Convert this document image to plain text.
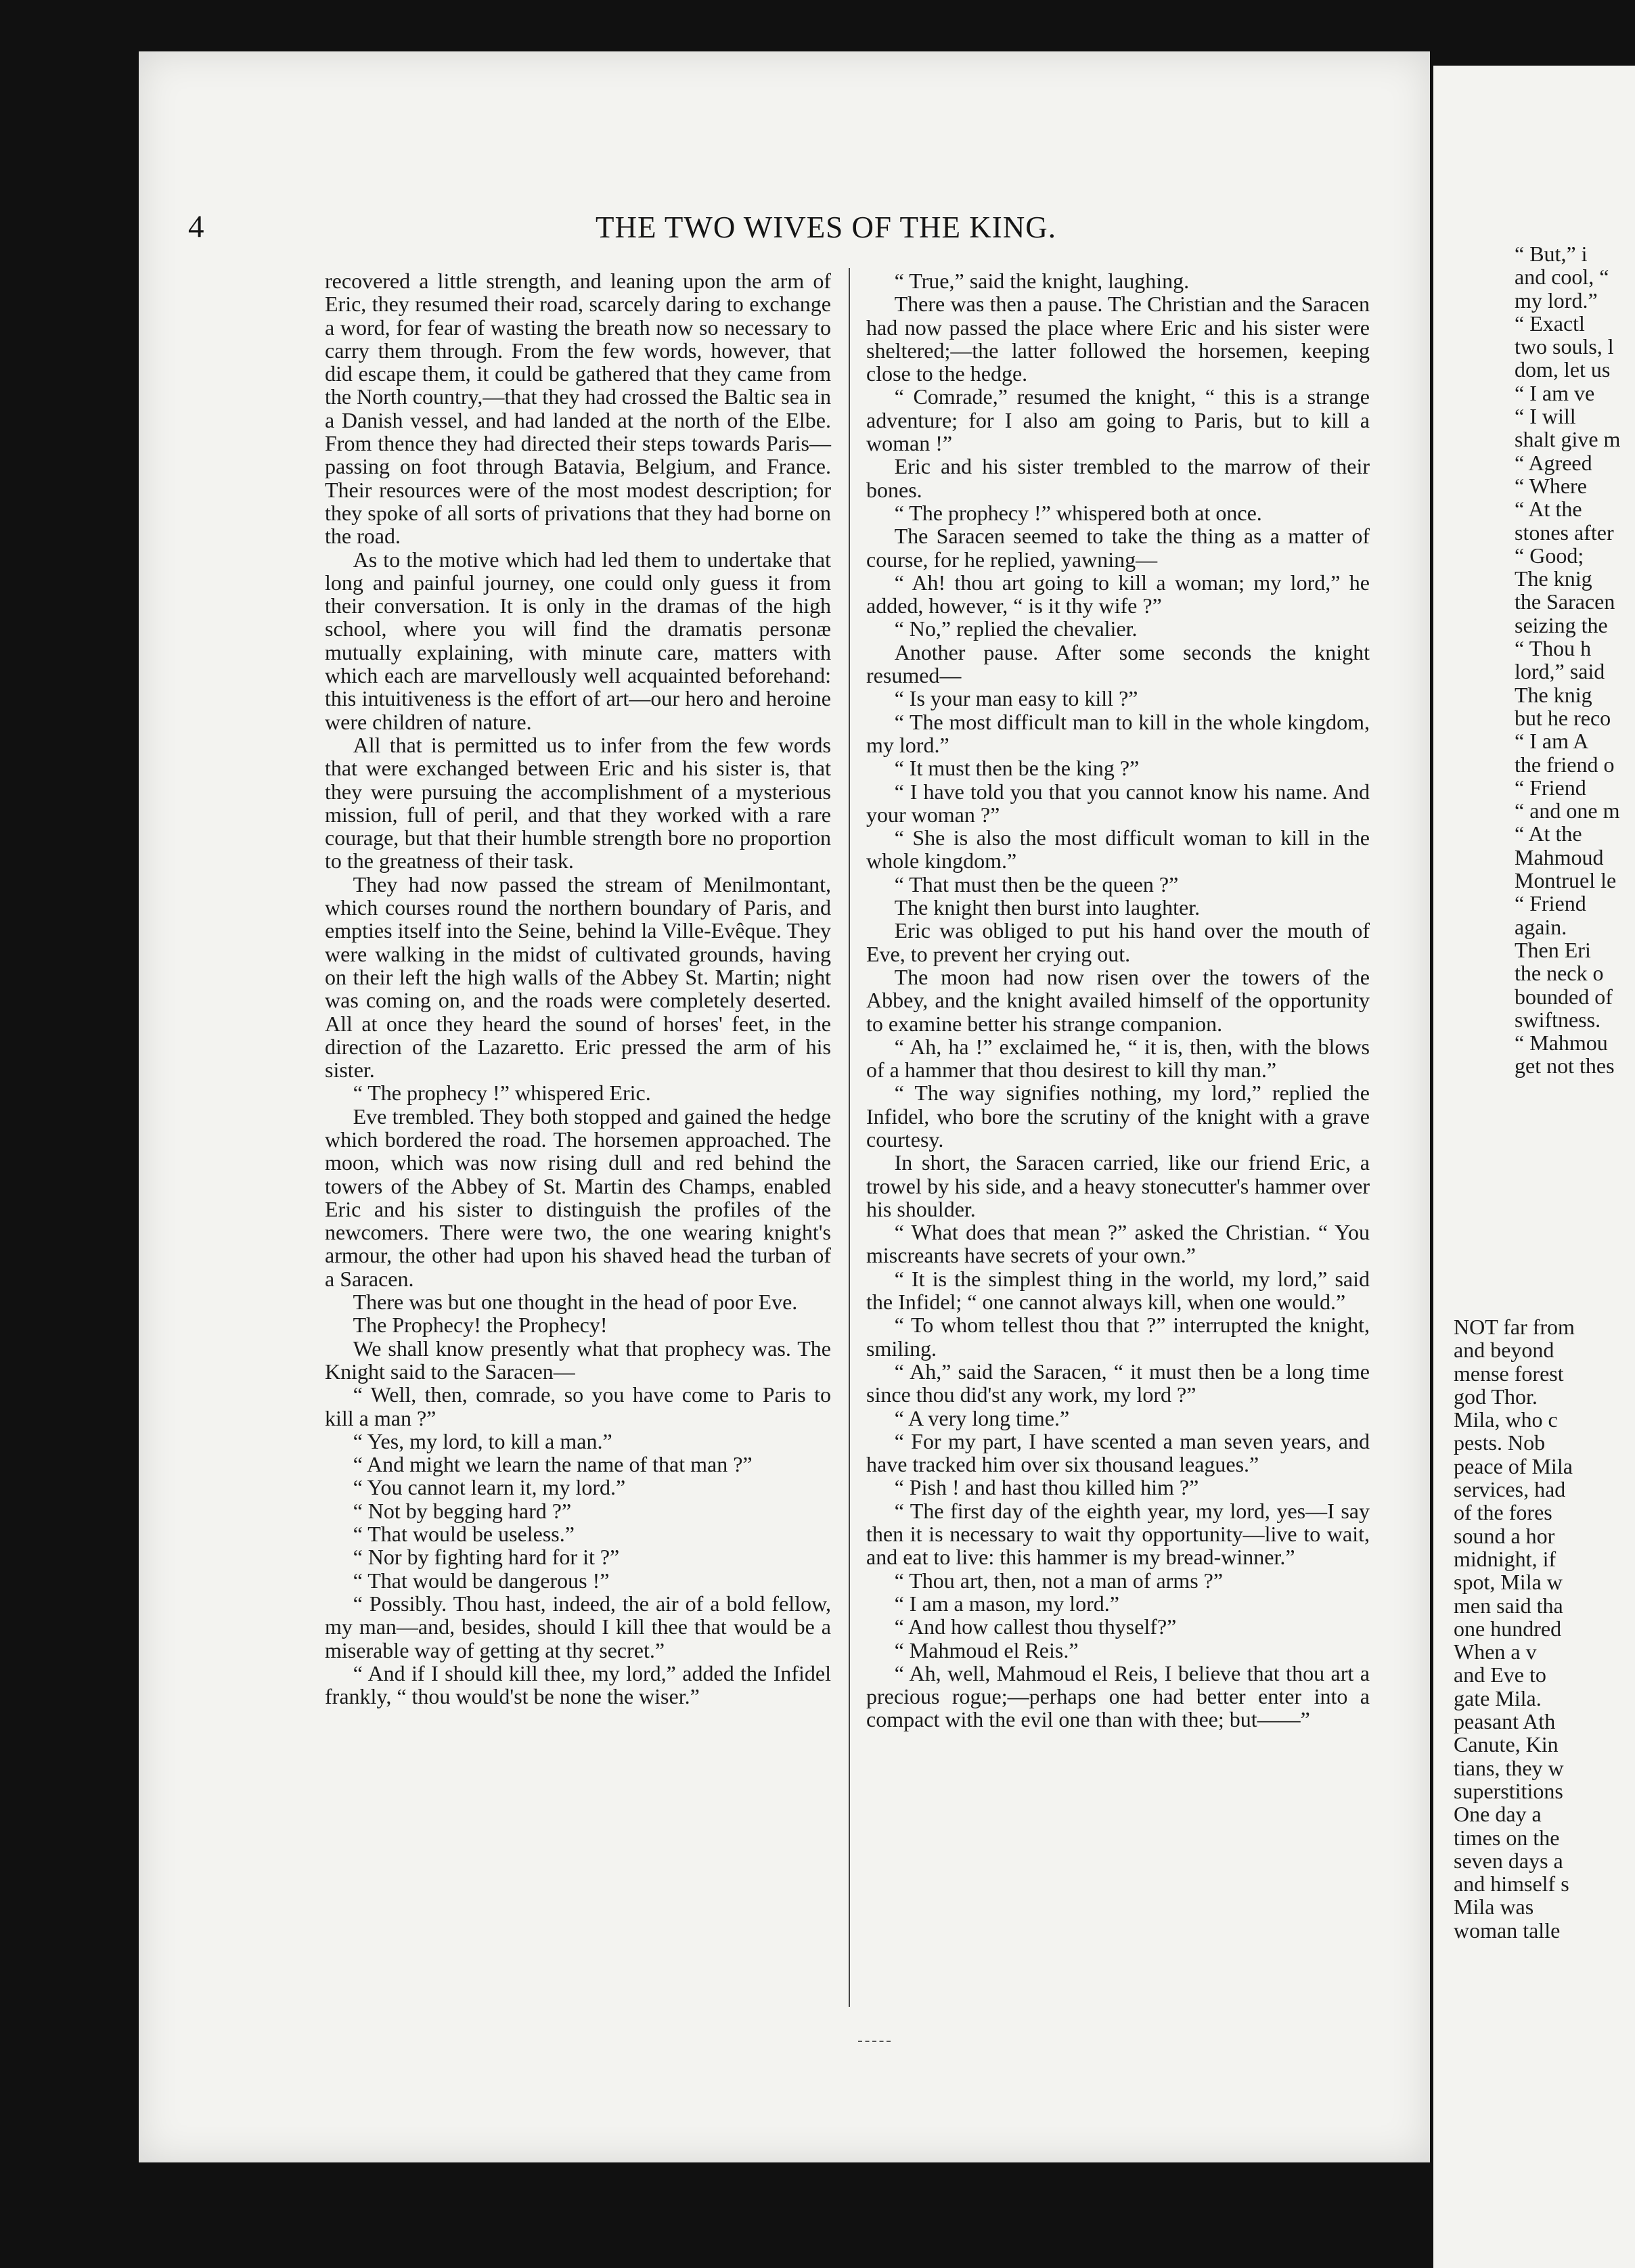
4	THE TWO WIVES OF THE KING.

recovered a little strength, and leaning upon the arm of Eric, they resumed their road, scarcely daring to exchange a word, for fear of wasting the breath now so necessary to carry them through. From the few words, however, that did escape them, it could be gathered that they came from the North country,—that they had crossed the Baltic sea in a Danish vessel, and had landed at the north of the Elbe. From thence they had directed their steps towards Paris—passing on foot through Batavia, Belgium, and France. Their resources were of the most modest description; for they spoke of all sorts of privations that they had borne on the road.

As to the motive which had led them to undertake that long and painful journey, one could only guess it from their conversation. It is only in the dramas of the high school, where you will find the dramatis personæ mutually explaining, with minute care, matters with which each are marvellously well acquainted beforehand: this intuitiveness is the effort of art—our hero and heroine were children of nature.

All that is permitted us to infer from the few words that were exchanged between Eric and his sister is, that they were pursuing the accomplishment of a mysterious mission, full of peril, and that they worked with a rare courage, but that their humble strength bore no proportion to the greatness of their task.

They had now passed the stream of Menilmontant, which courses round the northern boundary of Paris, and empties itself into the Seine, behind la Ville-Evêque. They were walking in the midst of cultivated grounds, having on their left the high walls of the Abbey St. Martin; night was coming on, and the roads were completely deserted. All at once they heard the sound of horses' feet, in the direction of the Lazaretto. Eric pressed the arm of his sister.

“ The prophecy !” whispered Eric.

Eve trembled. They both stopped and gained the hedge which bordered the road. The horsemen approached. The moon, which was now rising dull and red behind the towers of the Abbey of St. Martin des Champs, enabled Eric and his sister to distinguish the profiles of the newcomers. There were two, the one wearing knight's armour, the other had upon his shaved head the turban of a Saracen.

There was but one thought in the head of poor Eve.

The Prophecy! the Prophecy!

We shall know presently what that prophecy was. The Knight said to the Saracen—

“ Well, then, comrade, so you have come to Paris to kill a man ?”

“ Yes, my lord, to kill a man.”

“ And might we learn the name of that man ?”

“ You cannot learn it, my lord.”

“ Not by begging hard ?”

“ That would be useless.”

“ Nor by fighting hard for it ?”

“ That would be dangerous !”

“ Possibly. Thou hast, indeed, the air of a bold fellow, my man—and, besides, should I kill thee that would be a miserable way of getting at thy secret.”

“ And if I should kill thee, my lord,” added the Infidel frankly, “ thou would'st be none the wiser.”

“ True,” said the knight, laughing.

There was then a pause. The Christian and the Saracen had now passed the place where Eric and his sister were sheltered;—the latter followed the horsemen, keeping close to the hedge.

“ Comrade,” resumed the knight, “ this is a strange adventure; for I also am going to Paris, but to kill a woman !”

Eric and his sister trembled to the marrow of their bones.

“ The prophecy !” whispered both at once.

The Saracen seemed to take the thing as a matter of course, for he replied, yawning—

“ Ah! thou art going to kill a woman; my lord,” he added, however, “ is it thy wife ?”

“ No,” replied the chevalier.

Another pause. After some seconds the knight resumed—

“ Is your man easy to kill ?”

“ The most difficult man to kill in the whole kingdom, my lord.”

“ It must then be the king ?”

“ I have told you that you cannot know his name. And your woman ?”

“ She is also the most difficult woman to kill in the whole kingdom.”

“ That must then be the queen ?”

The knight then burst into laughter.

Eric was obliged to put his hand over the mouth of Eve, to prevent her crying out.

The moon had now risen over the towers of the Abbey, and the knight availed himself of the opportunity to examine better his strange companion.

“ Ah, ha !” exclaimed he, “ it is, then, with the blows of a hammer that thou desirest to kill thy man.”

“ The way signifies nothing, my lord,” replied the Infidel, who bore the scrutiny of the knight with a grave courtesy.

In short, the Saracen carried, like our friend Eric, a trowel by his side, and a heavy stonecutter's hammer over his shoulder.

“ What does that mean ?” asked the Christian. “ You miscreants have secrets of your own.”

“ It is the simplest thing in the world, my lord,” said the Infidel; “ one cannot always kill, when one would.”

“ To whom tellest thou that ?” interrupted the knight, smiling.

“ Ah,” said the Saracen, “ it must then be a long time since thou did'st any work, my lord ?”

“ A very long time.”

“ For my part, I have scented a man seven years, and have tracked him over six thousand leagues.”

“ Pish ! and hast thou killed him ?”

“ The first day of the eighth year, my lord, yes—I say then it is necessary to wait thy opportunity—live to wait, and eat to live: this hammer is my bread-winner.”

“ Thou art, then, not a man of arms ?”

“ I am a mason, my lord.”

“ And how callest thou thyself?”

“ Mahmoud el Reis.”

“ Ah, well, Mahmoud el Reis, I believe that thou art a precious rogue;—perhaps one had better enter into a compact with the evil one than with thee; but——”

“ But,” i
and cool, “
my lord.”
“ Exactl
two souls, l
dom, let us
“ I am ve
“ I will
shalt give m
“ Agreed
“ Where
“ At the
stones after
“ Good;
The knig
the Saracen
seizing the
“ Thou h
lord,” said
The knig
but he reco
“ I am A
the friend o
“ Friend
“ and one m
“ At the
Mahmoud
Montruel le
“ Friend
again.
Then Eri
the neck o
bounded of
swiftness.
“ Mahmou
get not thes
NOT far from
and beyond
mense forest
god Thor.
Mila, who c
pests. Nob
peace of Mila
services, had
of the fores
sound a hor
midnight, if
spot, Mila w
men said tha
one hundred
When a v
and Eve to
gate Mila.
peasant Ath
Canute, Kin
tians, they w
superstitions
One day a
times on the
seven days a
and himself s
Mila was
woman talle
